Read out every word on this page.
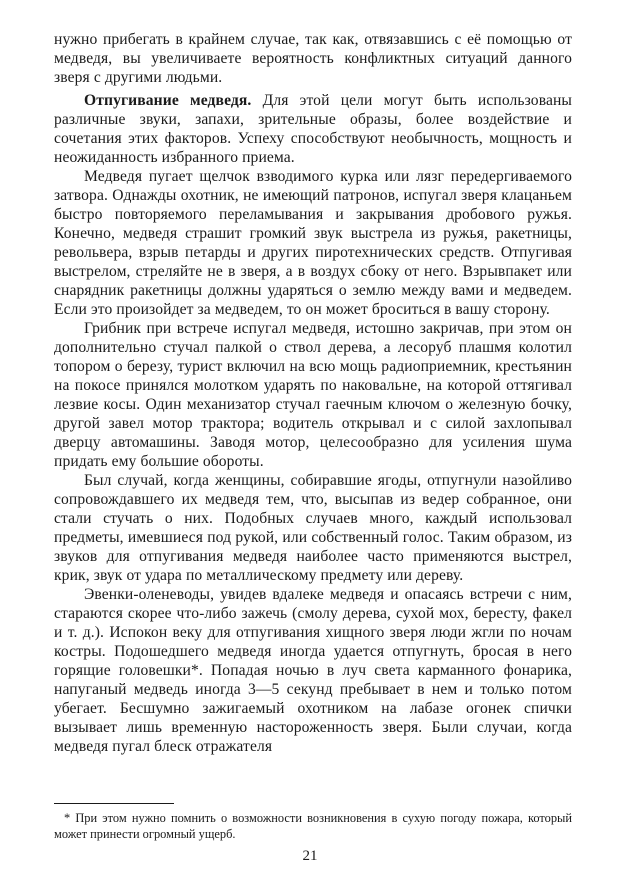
нужно прибегать в крайнем случае, так как, отвязавшись с её помощью от медведя, вы увеличиваете вероятность конфликтных ситуаций данного зверя с другими людьми.

Отпугивание медведя. Для этой цели могут быть использованы различные звуки, запахи, зрительные образы, более воздействие и сочетания этих факторов. Успеху способствуют необычность, мощность и неожиданность избранного приема.

Медведя пугает щелчок взводимого курка или лязг передергиваемого затвора. Однажды охотник, не имеющий патронов, испугал зверя клацаньем быстро повторяемого переламывания и закрывания дробового ружья. Конечно, медведя страшит громкий звук выстрела из ружья, ракетницы, револьвера, взрыв петарды и других пиротехнических средств. Отпугивая выстрелом, стреляйте не в зверя, а в воздух сбоку от него. Взрывпакет или снарядник ракетницы должны ударяться о землю между вами и медведем. Если это произойдет за медведем, то он может броситься в вашу сторону.

Грибник при встрече испугал медведя, истошно закричав, при этом он дополнительно стучал палкой о ствол дерева, а лесоруб плашмя колотил топором о березу, турист включил на всю мощь радиоприемник, крестьянин на покосе принялся молотком ударять по наковальне, на которой оттягивал лезвие косы. Один механизатор стучал гаечным ключом о железную бочку, другой завел мотор трактора; водитель открывал и с силой захлопывал дверцу автомашины. Заводя мотор, целесообразно для усиления шума придать ему большие обороты.

Был случай, когда женщины, собиравшие ягоды, отпугнули назойливо сопровождавшего их медведя тем, что, высыпав из ведер собранное, они стали стучать о них. Подобных случаев много, каждый использовал предметы, имевшиеся под рукой, или собственный голос. Таким образом, из звуков для отпугивания медведя наиболее часто применяются выстрел, крик, звук от удара по металлическому предмету или дереву.

Эвенки-оленеводы, увидев вдалеке медведя и опасаясь встречи с ним, стараются скорее что-либо зажечь (смолу дерева, сухой мох, бересту, факел и т. д.). Испокон веку для отпугивания хищного зверя люди жгли по ночам костры. Подошедшего медведя иногда удается отпугнуть, бросая в него горящие головешки*. Попадая ночью в луч света карманного фонарика, напуганый медведь иногда 3—5 секунд пребывает в нем и только потом убегает. Бесшумно зажигаемый охотником на лабазе огонек спички вызывает лишь временную настороженность зверя. Были случаи, когда медведя пугал блеск отражателя

* При этом нужно помнить о возможности возникновения в сухую погоду пожара, который может принести огромный ущерб.

21
